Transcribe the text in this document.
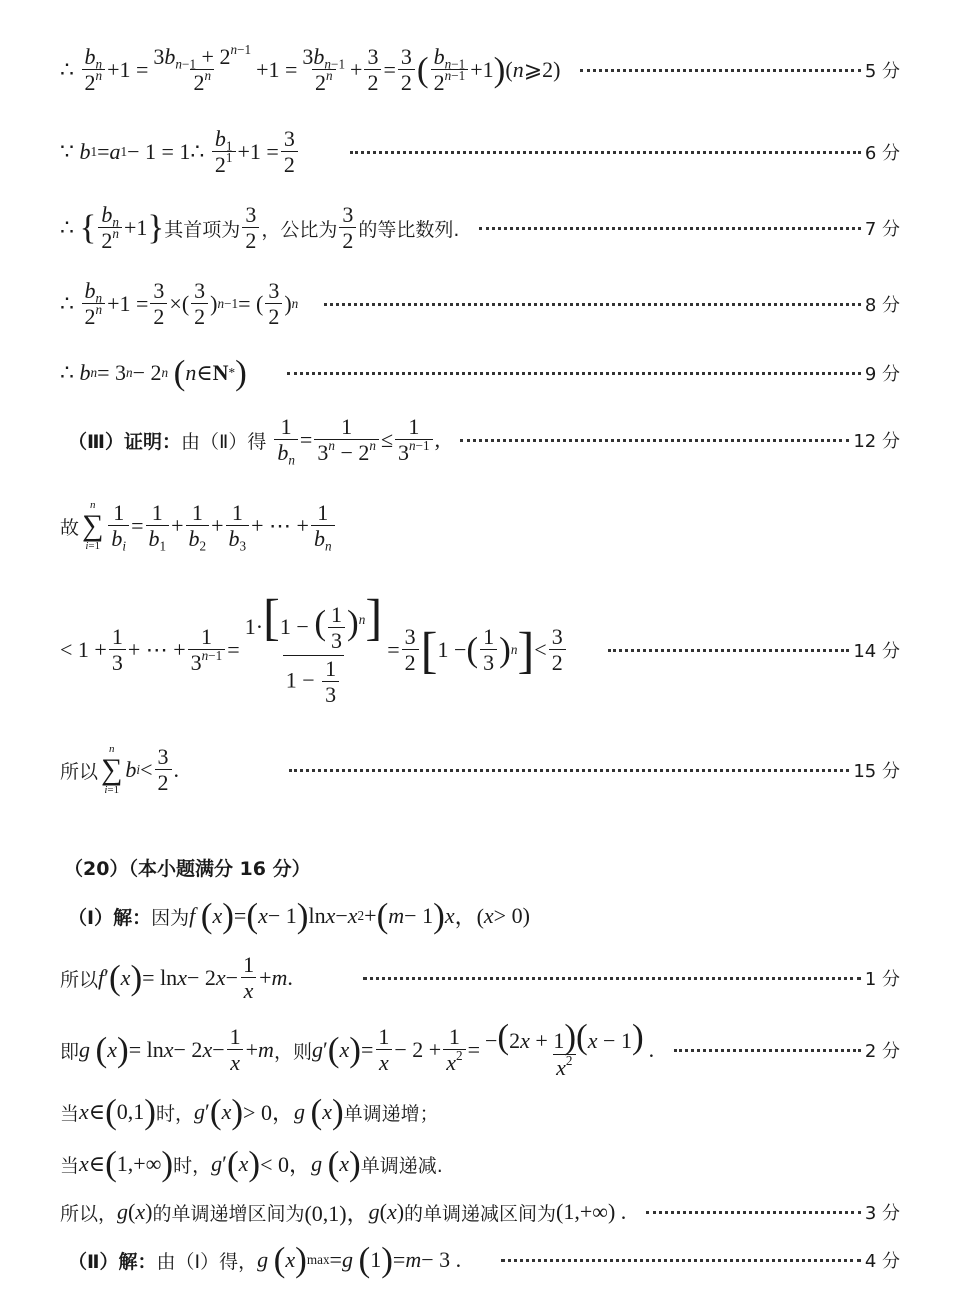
∴ $\frac{b_n}{2^n} +1 = \frac{3b_{n-1} + 2^{n-1}}{2^n} +1 = \frac{3b_{n-1}}{2^n} + \frac{3}{2} = \frac{3}{2}$ ( $\frac{b_{n-1}}{2^{n-1}} +1$ ) ( n ⩾2)	5 分
∵ b 1 = a 1 − 1 = 1∴ $\frac{b_1}{2^1} +1 = \frac{3}{2}$	6 分
∴ { $\frac{b_n}{2^n} +1$ } 其首项为 $\frac{3}{2}$ ，公比为 $\frac{3}{2}$ 的等比数列.	7 分
∴ $\frac{b_n}{2^n} +1 = \frac{3}{2}$ ×( $\frac{3}{2}$ ) n−1 = ( $\frac{3}{2}$ ) n	8 分
∴ b n = 3 n − 2 n
( n ∈ N * )	9 分
（Ⅲ）证明： 由（Ⅱ）得 $\frac{1}{b_n} = \frac{1}{3^n - 2^n} \le \frac{1}{3^{n-1}}$ ,	12 分
故
n
∑
$i=1 \frac{1}{b_i} = \frac{1}{b_1} + \frac{1}{b_2} + \frac{1}{b_3}$ + ⋯ + $\frac{1}{b_n}$
< $1 + \frac{1}{3}$ + ⋯ + $\frac{1}{3^{n-1}} = \frac{1\cdot[1 - ( \frac{1}{3} )^n]}{1 - \frac{1}{3}} = \frac{3}{2}$ [ 1 − ( $\frac{1}{3}$ ) n ] < $\frac{3}{2}$	14 分
所以
n
∑
i=1
b $i < \frac{3}{2}$ .	15 分
（20）（本小题满分 16 分）
（Ⅰ）解： 因为 f
( x ) = ( x − 1 ) ln x − x 2 + ( m − 1 ) x ，( x > 0)
所以 f ′ ( x ) = ln x − 2 $x - \frac{1}{x} + m$ .	1 分
即 g
( x ) = ln x − 2 $x - \frac{1}{x} + m$ ，则 g ′ ( x ) = $\frac{1}{x} - 2 + \frac{1}{x^2} = \frac{-(2x + 1)(x - 1)}{x^2}$ .	2 分
当 x ∈ ( 0,1 ) 时， g ′ ( x ) > 0， g
( x ) 单调递增；
当 x ∈ ( 1,+∞ ) 时， g ′ ( x ) < 0， g
( x ) 单调递减.
所以， g ( x ) 的单调递增区间为 (0,1)， g ( x ) 的单调递减区间为 (1,+∞) .	3 分
（Ⅱ）解： 由（Ⅰ）得， g
( x ) max = g
( 1 ) = m − 3 .	4 分
